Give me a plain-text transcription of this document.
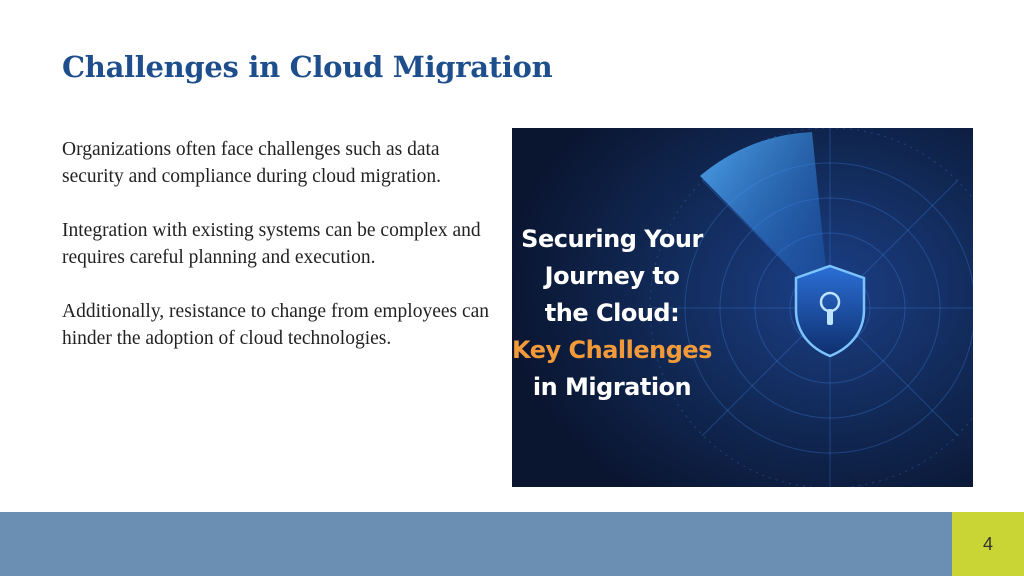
Challenges in Cloud Migration

Organizations often face challenges such as data security and compliance during cloud migration.

Integration with existing systems can be complex and requires careful planning and execution.

Additionally, resistance to change from employees can hinder the adoption of cloud technologies.

Securing Your
Journey to
the Cloud:
Key Challenges
in Migration
4
